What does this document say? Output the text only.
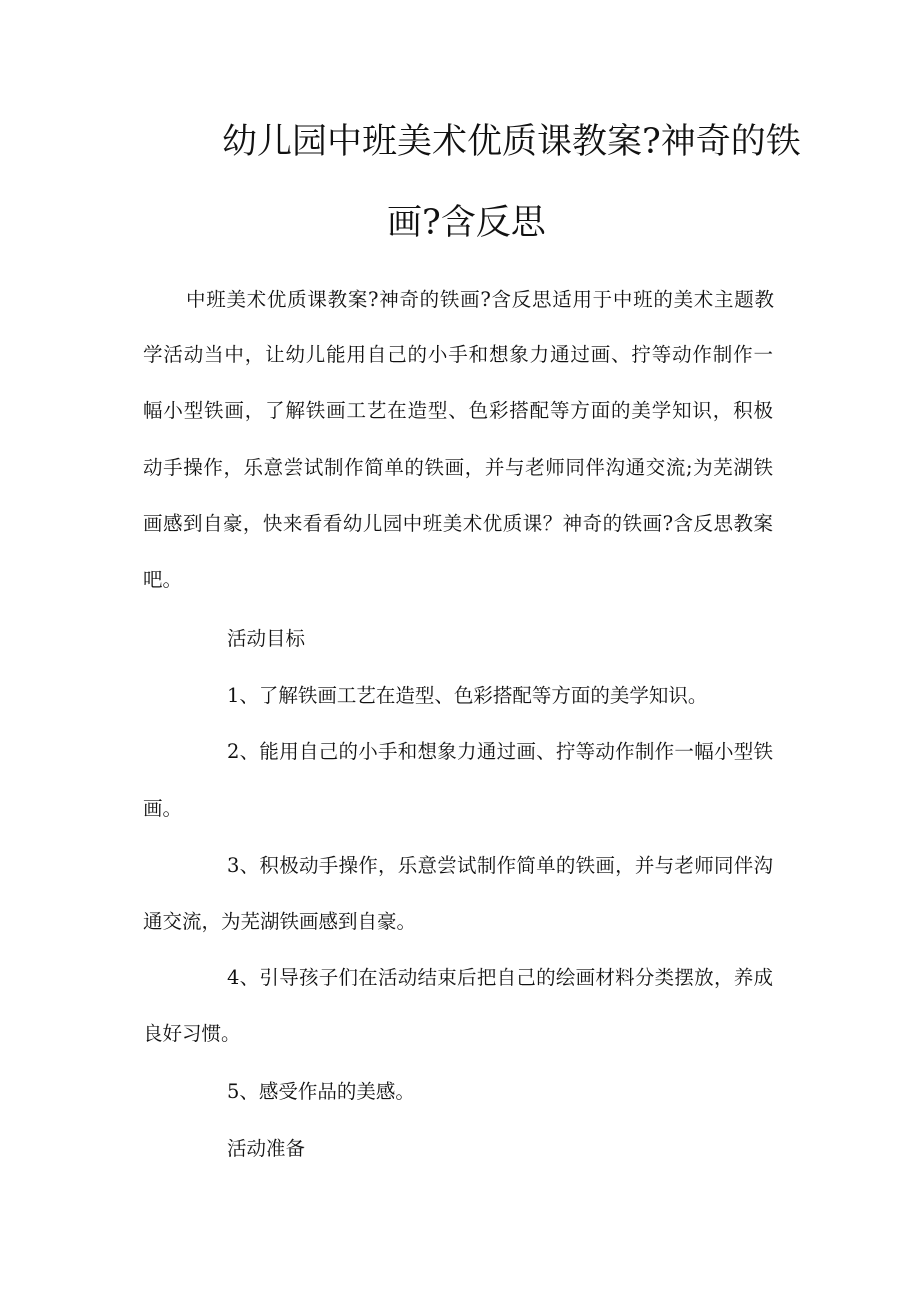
幼儿园中班美术优质课教案?神奇的铁
画?含反思
中班美术优质课教案?神奇的铁画?含反思适用于中班的美术主题教
学活动当中，让幼儿能用自己的小手和想象力通过画、拧等动作制作一
幅小型铁画，了解铁画工艺在造型、色彩搭配等方面的美学知识，积极
动手操作，乐意尝试制作简单的铁画，并与老师同伴沟通交流;为芜湖铁
画感到自豪，快来看看幼儿园中班美术优质课？神奇的铁画?含反思教案
吧。
活动目标
1、了解铁画工艺在造型、色彩搭配等方面的美学知识。
2、能用自己的小手和想象力通过画、拧等动作制作一幅小型铁
画。
3、积极动手操作，乐意尝试制作简单的铁画，并与老师同伴沟
通交流，为芜湖铁画感到自豪。
4、引导孩子们在活动结束后把自己的绘画材料分类摆放，养成
良好习惯。
5、感受作品的美感。
活动准备
